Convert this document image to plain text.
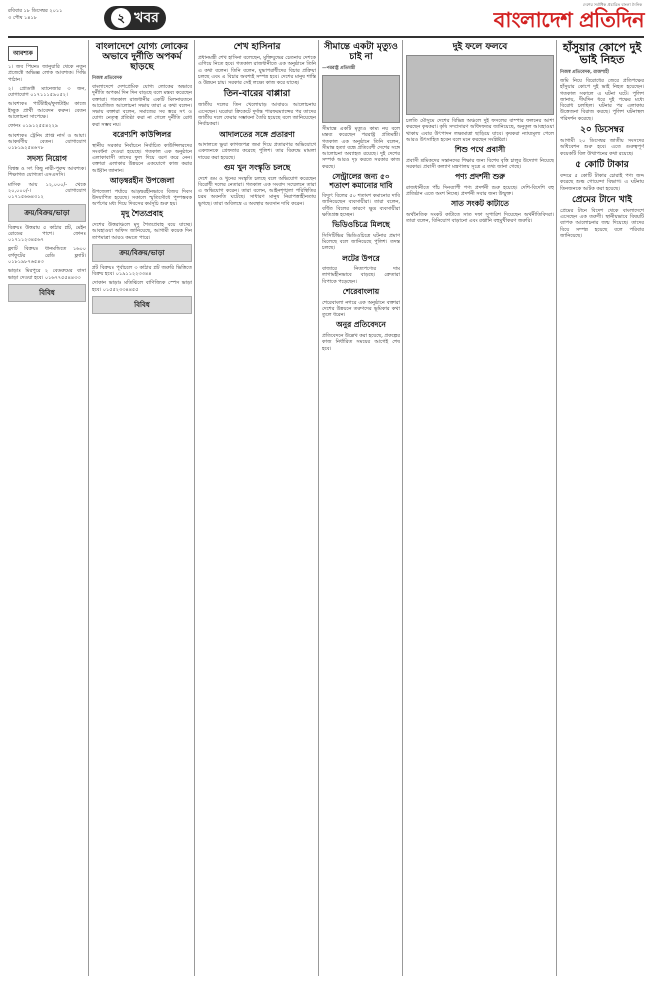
রবিবার ১৮ ডিসেম্বর ২০১১
৩ পৌষ ১৪১৮	২ খবর
দেশের সর্বাধিক প্রচারিত বাংলা দৈনিক
বাংলাদেশ প্রতিদিন
আবশ্যক

১। জব পিয়নঃ জানুয়ারি থেকে নতুন প্রজেক্টে অভিজ্ঞ লোক আবশ্যক। সিভি পাঠান।

২। প্রোডাক্ট ম্যানেজার ৩ জন, যোগাযোগ ০১৭১১১৫৯০৫২।

আবশ্যকঃ পার্টটাইম/ফুলটাইম কাজে ইচ্ছুক প্রার্থী আবেদন করুন। বেতন আলোচনা সাপেক্ষে।

ফোনঃ ০১৯১২৫৫৪২২৯

আবশ্যকঃ ট্রেনিং প্রাপ্ত নার্স ও আয়া। আকর্ষণীয় বেতন। যোগাযোগ ০১৮১৯২৫৪৬৭৮

সদস্য নিয়োগ

বিশ্বস্ত ও সৎ কিছু নারী-পুরুষ আবশ্যক। শিক্ষাগত যোগ্যতা এসএসসি।

মাসিক আয় ১২,০০০/- থেকে ২০,০০০/-। যোগাযোগ ০১৭১৫৬৬৪৩১২

ক্রয়/বিক্রয়/ভাড়া

বিক্রয়ঃ উত্তরায় ৫ কাঠার প্লট, মেইন রোডের পাশে। ফোনঃ ০১৭১১২৩৪৫৬৭

ফ্ল্যাট বিক্রয়ঃ ধানমন্ডিতে ১৬০০ বর্গফুটের রেডি ফ্ল্যাট। ০১৮১৯৮৭৬৫৪৩

ভাড়াঃ মিরপুরে ২ বেডরুমের বাসা ভাড়া দেওয়া হবে। ০১৬৭৭৫৫৪৪৩৩

বিবিধ
বাংলাদেশে যোগ্য লোকের অভাবে দুর্নীতি অপকর্ম ছাড়ছে
নিজস্ব প্রতিবেদক

বাংলাদেশে দেশপ্রেমিক যোগ্য লোকের অভাবে দুর্নীতি অপকর্ম দিন দিন বাড়ছে বলে মন্তব্য করেছেন বক্তারা। গতকাল রাজধানীর একটি মিলনায়তনে আয়োজিত আলোচনা সভায় তারা এ কথা বলেন। সভায় বক্তারা বলেন, সমাজের সব স্তরে সৎ ও যোগ্য নেতৃত্ব প্রতিষ্ঠা করা না গেলে দুর্নীতি রোধ করা সম্ভব নয়।

বরেণ্যশি কাউন্সিলর

স্থানীয় সরকার নির্বাচনে নির্বাচিত কাউন্সিলরদের সংবর্ধনা দেওয়া হয়েছে। গতকাল এক অনুষ্ঠানে এলাকাবাসী তাদের ফুল দিয়ে বরণ করে নেন। বক্তারা এলাকার উন্নয়নে একযোগে কাজ করার আহ্বান জানান।

আড়ম্বরহীন উপজেলা

উপজেলা পর্যায়ে আড়ম্বরহীনভাবে বিজয় দিবস উদযাপিত হয়েছে। সকালে স্মৃতিসৌধে পুষ্পস্তবক অর্পণের মধ্য দিয়ে দিবসের কর্মসূচি শুরু হয়।

মৃদু শৈত্যপ্রবাহ

দেশের উত্তরাঞ্চলে মৃদু শৈত্যপ্রবাহ বয়ে যাচ্ছে। আবহাওয়া অফিস জানিয়েছে, আগামী কয়েক দিন তাপমাত্রা আরও কমতে পারে।

ক্রয়/বিক্রয়/ভাড়া

প্লট বিক্রয়ঃ পূর্বাচলে ৩ কাঠার প্লট জরুরি ভিত্তিতে বিক্রয় হবে। ০১৯১১২২৩৩৪৪

দোকান ভাড়াঃ মতিঝিলে বাণিজ্যিক স্পেস ভাড়া হবে। ০১৫৫২৩৩৪৪৫৫

বিবিধ
শেখ হাসিনার

প্রধানমন্ত্রী শেখ হাসিনা বলেছেন, মুক্তিযুদ্ধের চেতনায় দেশকে এগিয়ে নিতে হবে। গতকাল রাজধানীতে এক অনুষ্ঠানে তিনি এ কথা বলেন। তিনি বলেন, যুদ্ধাপরাধীদের বিচার প্রক্রিয়া চলছে এবং এ বিচার অবশ্যই সম্পন্ন হবে। দেশের মানুষ শান্তি ও উন্নয়ন চায়। সরকার সেই লক্ষ্যে কাজ করে যাচ্ছে।

তিন-বারের বাপ্পারা

জাতীয় দলের তিন খেলোয়াড় আবারও আলোচনায় এসেছেন। ঘরোয়া ক্রিকেটে দুর্দান্ত পারফরম্যান্সের পর তাদের জাতীয় দলে ফেরার সম্ভাবনা তৈরি হয়েছে বলে জানিয়েছেন নির্বাচকরা।

আদালতের সঙ্গে প্রতারণা

আদালতে ভুয়া কাগজপত্র জমা দিয়ে প্রতারণার অভিযোগে একজনকে গ্রেফতার করেছে পুলিশ। তার বিরুদ্ধে মামলা দায়ের করা হয়েছে।

গুম খুন সংস্কৃতি চলছে

দেশে গুম ও খুনের সংস্কৃতি চলছে বলে অভিযোগ করেছেন বিরোধী দলের নেতারা। গতকাল এক সংবাদ সম্মেলনে তারা এ অভিযোগ করেন। তারা বলেন, আইনশৃঙ্খলা পরিস্থিতির চরম অবনতি ঘটেছে। সাধারণ মানুষ নিরাপত্তাহীনতায় ভুগছে। তারা অবিলম্বে এ অবস্থার অবসান দাবি করেন।

সীমান্তে একটা মৃত্যুও চাই না
—পররাষ্ট্র প্রতিমন্ত্রী

সীমান্তে একটি মৃত্যুও কাম্য নয় বলে মন্তব্য করেছেন পররাষ্ট্র প্রতিমন্ত্রী। গতকাল এক অনুষ্ঠানে তিনি বলেন, সীমান্ত হত্যা বন্ধে প্রতিবেশী দেশের সঙ্গে আলোচনা অব্যাহত রয়েছে। দুই দেশের সম্পর্ক আরও দৃঢ় করতে সরকার কাজ করছে।

সেন্ট্রালের জন্য ৫০ শতাংশ কমানোর দাবি

বিদ্যুৎ বিলের ৫০ শতাংশ কমানোর দাবি জানিয়েছেন ব্যবসায়ীরা। তারা বলেন, বর্ধিত বিলের কারণে ক্ষুদ্র ব্যবসায়ীরা ক্ষতিগ্রস্ত হচ্ছেন।

ভিডিওচিত্রে মিলছে

সিসিটিভির ভিডিওচিত্রে ঘটনার প্রমাণ মিলেছে বলে জানিয়েছে পুলিশ। তদন্ত চলছে।

লটের উপরে

বাজারে নিত্যপণ্যের দাম লাগামহীনভাবে বাড়ছে। ক্রেতারা বিপাকে পড়েছেন।

শেরেবাংলায়

শেরেবাংলা নগরে এক অনুষ্ঠানে বক্তারা দেশের উন্নয়নে তরুণদের ভূমিকার কথা তুলে ধরেন।

অনুর প্রতিবেদনে

প্রতিবেদনে উল্লেখ করা হয়েছে, প্রকল্পের কাজ নির্ধারিত সময়ের আগেই শেষ হবে।

দুই ফলে ফলবে

চলতি মৌসুমে দেশের বিভিন্ন অঞ্চলে দুই ফসলের বাম্পার ফলনের আশা করছেন কৃষকরা। কৃষি সম্প্রসারণ অধিদফতর জানিয়েছে, অনুকূল আবহাওয়া থাকায় এবার উৎপাদন লক্ষ্যমাত্রা ছাড়িয়ে যাবে। কৃষকরা ন্যায্যমূল্য পেলে আরও উৎসাহিত হবেন বলে মনে করছেন সংশ্লিষ্টরা।

শিশু পথে প্রবাসী

প্রবাসী শ্রমিকদের সন্তানদের শিক্ষার জন্য বিশেষ বৃত্তি চালুর উদ্যোগ নিয়েছে সরকার। প্রবাসী কল্যাণ মন্ত্রণালয় সূত্রে এ তথ্য জানা গেছে।

পণ্য প্রদর্শনী শুরু

রাজধানীতে পাঁচ দিনব্যাপী পণ্য প্রদর্শনী শুরু হয়েছে। দেশি-বিদেশি বহু প্রতিষ্ঠান এতে অংশ নিচ্ছে। প্রদর্শনী সবার জন্য উন্মুক্ত।

সাত সংকট কাটাতে

অর্থনৈতিক সংকট কাটাতে সাত দফা সুপারিশ দিয়েছেন অর্থনীতিবিদরা। তারা বলেন, বিনিয়োগ বাড়ানো এবং রপ্তানি বহুমুখীকরণ জরুরি।

হাঁসুয়ার কোপে দুই ভাই নিহত
নিজস্ব প্রতিবেদক, রাজশাহী

জমি নিয়ে বিরোধের জেরে প্রতিপক্ষের হাঁসুয়ার কোপে দুই ভাই নিহত হয়েছেন। গতকাল সকালে এ ঘটনা ঘটে। পুলিশ জানায়, দীর্ঘদিন ধরে দুই পক্ষের মধ্যে বিরোধ চলছিল। ঘটনার পর এলাকায় উত্তেজনা বিরাজ করছে। পুলিশ ঘটনাস্থল পরিদর্শন করেছে।

২০ ডিসেম্বর

আগামী ২০ ডিসেম্বর জাতীয় সংসদের অধিবেশন শুরু হবে। এতে গুরুত্বপূর্ণ কয়েকটি বিল উত্থাপনের কথা রয়েছে।

৫ কোটি টাকার

বন্দরে ৫ কোটি টাকার চোরাই পণ্য জব্দ করেছে শুল্ক গোয়েন্দা বিভাগ। এ ঘটনায় তিনজনকে আটক করা হয়েছে।

প্রেমের টানে খাই

প্রেমের টানে বিদেশ থেকে বাংলাদেশে এসেছেন এক তরুণী। স্থানীয়ভাবে বিষয়টি ব্যাপক আলোচনার জন্ম দিয়েছে। তাদের বিয়ে সম্পন্ন হয়েছে বলে পরিবার জানিয়েছে।
